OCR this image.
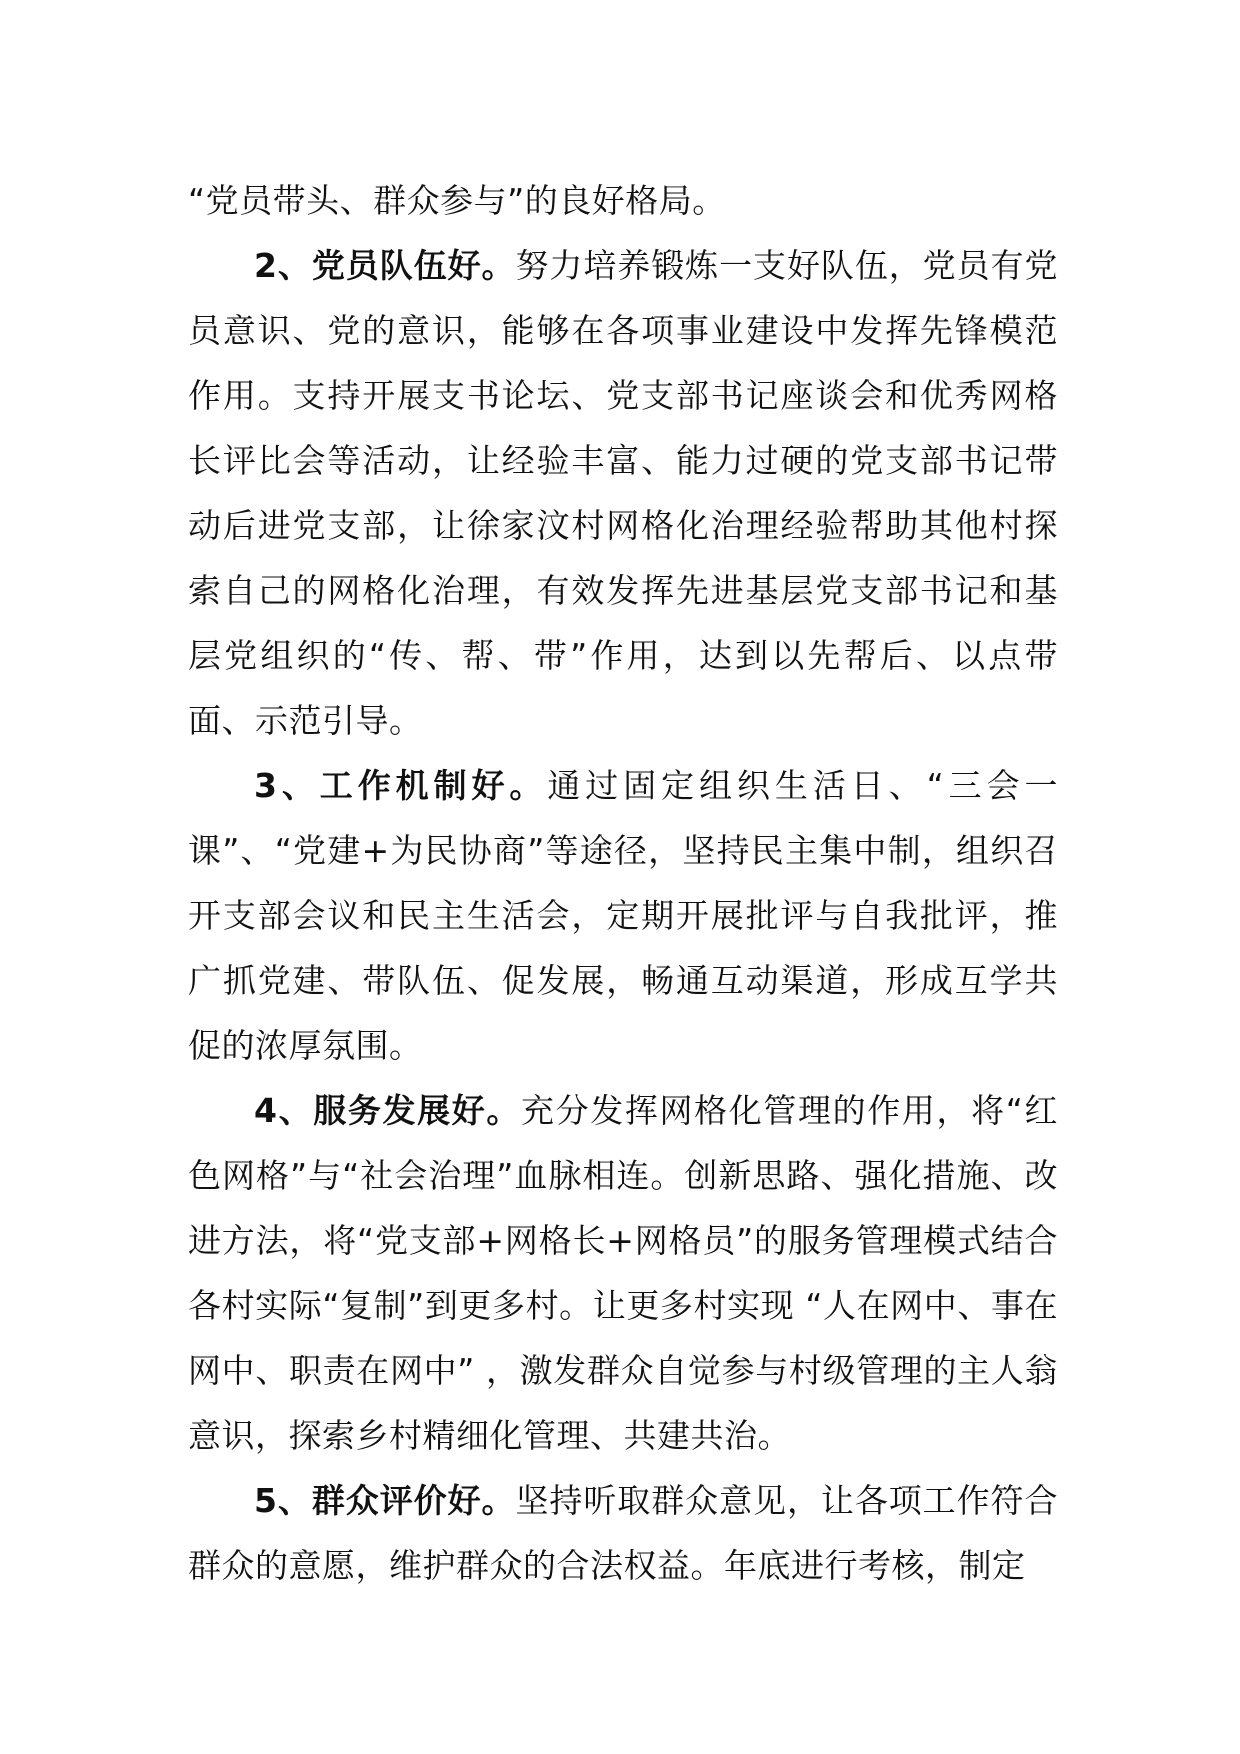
“党员带头、群众参与”的良好格局。

2、党员队伍好。努力培养锻炼一支好队伍，党员有党员意识、党的意识，能够在各项事业建设中发挥先锋模范作用。支持开展支书论坛、党支部书记座谈会和优秀网格长评比会等活动，让经验丰富、能力过硬的党支部书记带动后进党支部，让徐家汶村网格化治理经验帮助其他村探索自己的网格化治理，有效发挥先进基层党支部书记和基层党组织的“传、帮、带”作用，达到以先帮后、以点带面、示范引导。

3、工作机制好。通过固定组织生活日、“三会一课”、“党建+为民协商”等途径，坚持民主集中制，组织召开支部会议和民主生活会，定期开展批评与自我批评，推广抓党建、带队伍、促发展，畅通互动渠道，形成互学共促的浓厚氛围。

4、服务发展好。充分发挥网格化管理的作用，将“红色网格”与“社会治理”血脉相连。创新思路、强化措施、改进方法，将“党支部+网格长+网格员”的服务管理模式结合各村实际“复制”到更多村。让更多村实现 “人在网中、事在网中、职责在网中” ，激发群众自觉参与村级管理的主人翁意识，探索乡村精细化管理、共建共治。

5、群众评价好。坚持听取群众意见，让各项工作符合群众的意愿，维护群众的合法权益。年底进行考核，制定
